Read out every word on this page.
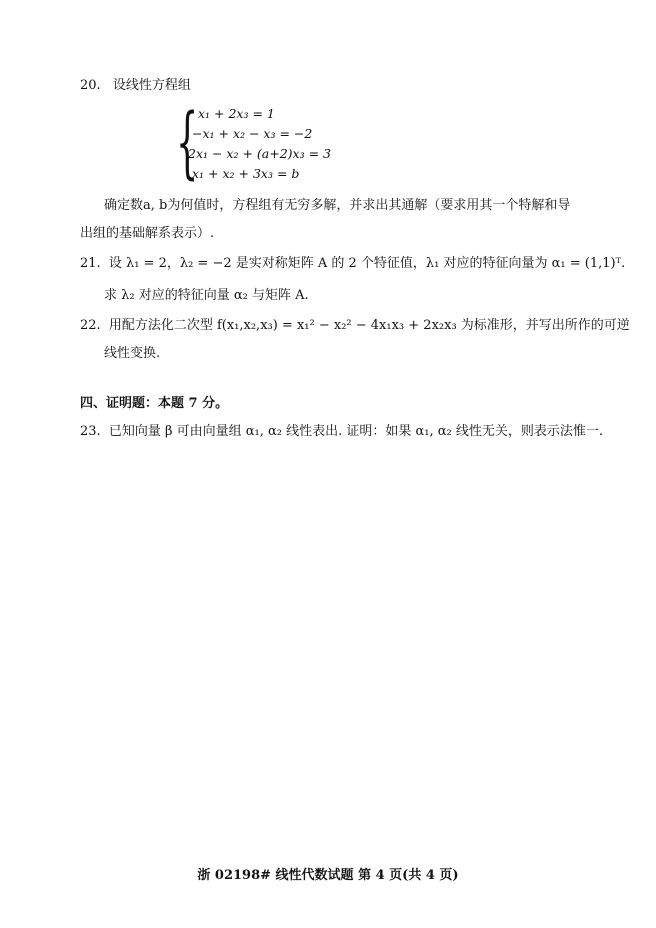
20. 设线性方程组
{ x₁ + 2x₃ = 1
−x₁ + x₂ − x₃ = −2
2x₁ − x₂ + (a+2)x₃ = 3
x₁ + x₂ + 3x₃ = b
确定数a, b为何值时，方程组有无穷多解，并求出其通解（要求用其一个特解和导
出组的基础解系表示）.
21. 设 λ₁ = 2，λ₂ = −2 是实对称矩阵 A 的 2 个特征值，λ₁ 对应的特征向量为 α₁ = (1,1)ᵀ.
求 λ₂ 对应的特征向量 α₂ 与矩阵 A.
22. 用配方法化二次型 f(x₁,x₂,x₃) = x₁² − x₂² − 4x₁x₃ + 2x₂x₃ 为标准形，并写出所作的可逆
线性变换.
四、证明题：本题 7 分。
23. 已知向量 β 可由向量组 α₁, α₂ 线性表出. 证明：如果 α₁, α₂ 线性无关，则表示法惟一.
浙 02198# 线性代数试题 第 4 页(共 4 页)
